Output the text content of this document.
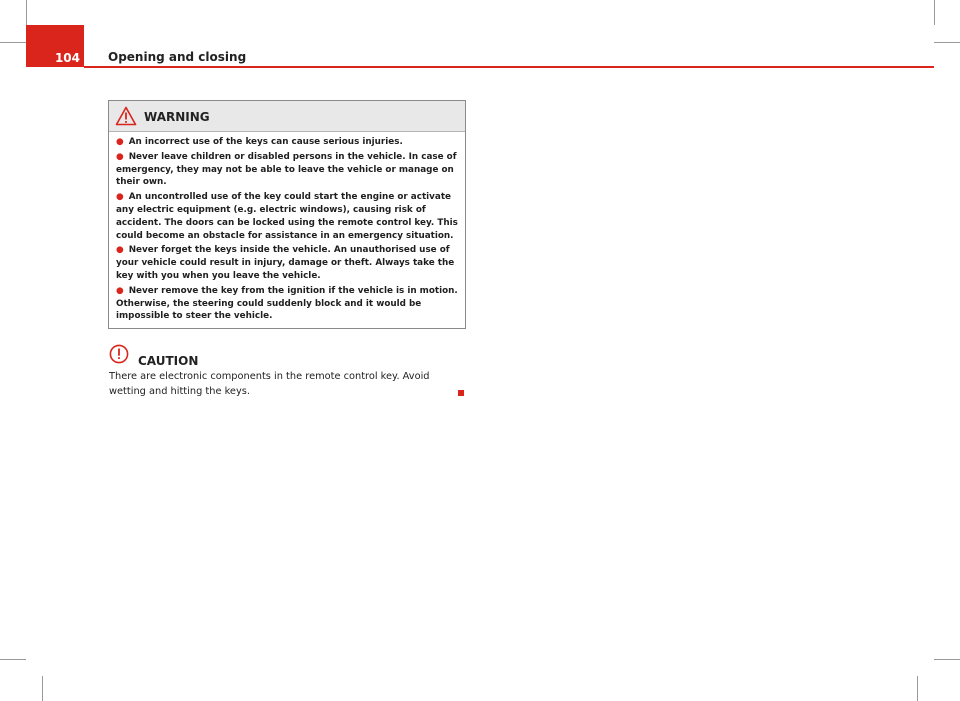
104	Opening and closing
WARNING
● An incorrect use of the keys can cause serious injuries.
● Never leave children or disabled persons in the vehicle. In case of emergency, they may not be able to leave the vehicle or manage on their own.
● An uncontrolled use of the key could start the engine or activate any electric equipment (e.g. electric windows), causing risk of accident. The doors can be locked using the remote control key. This could become an obstacle for assistance in an emergency situation.
● Never forget the keys inside the vehicle. An unauthorised use of your vehicle could result in injury, damage or theft. Always take the key with you when you leave the vehicle.
● Never remove the key from the ignition if the vehicle is in motion. Otherwise, the steering could suddenly block and it would be impossible to steer the vehicle.
CAUTION
There are electronic components in the remote control key. Avoid wetting and hitting the keys.
